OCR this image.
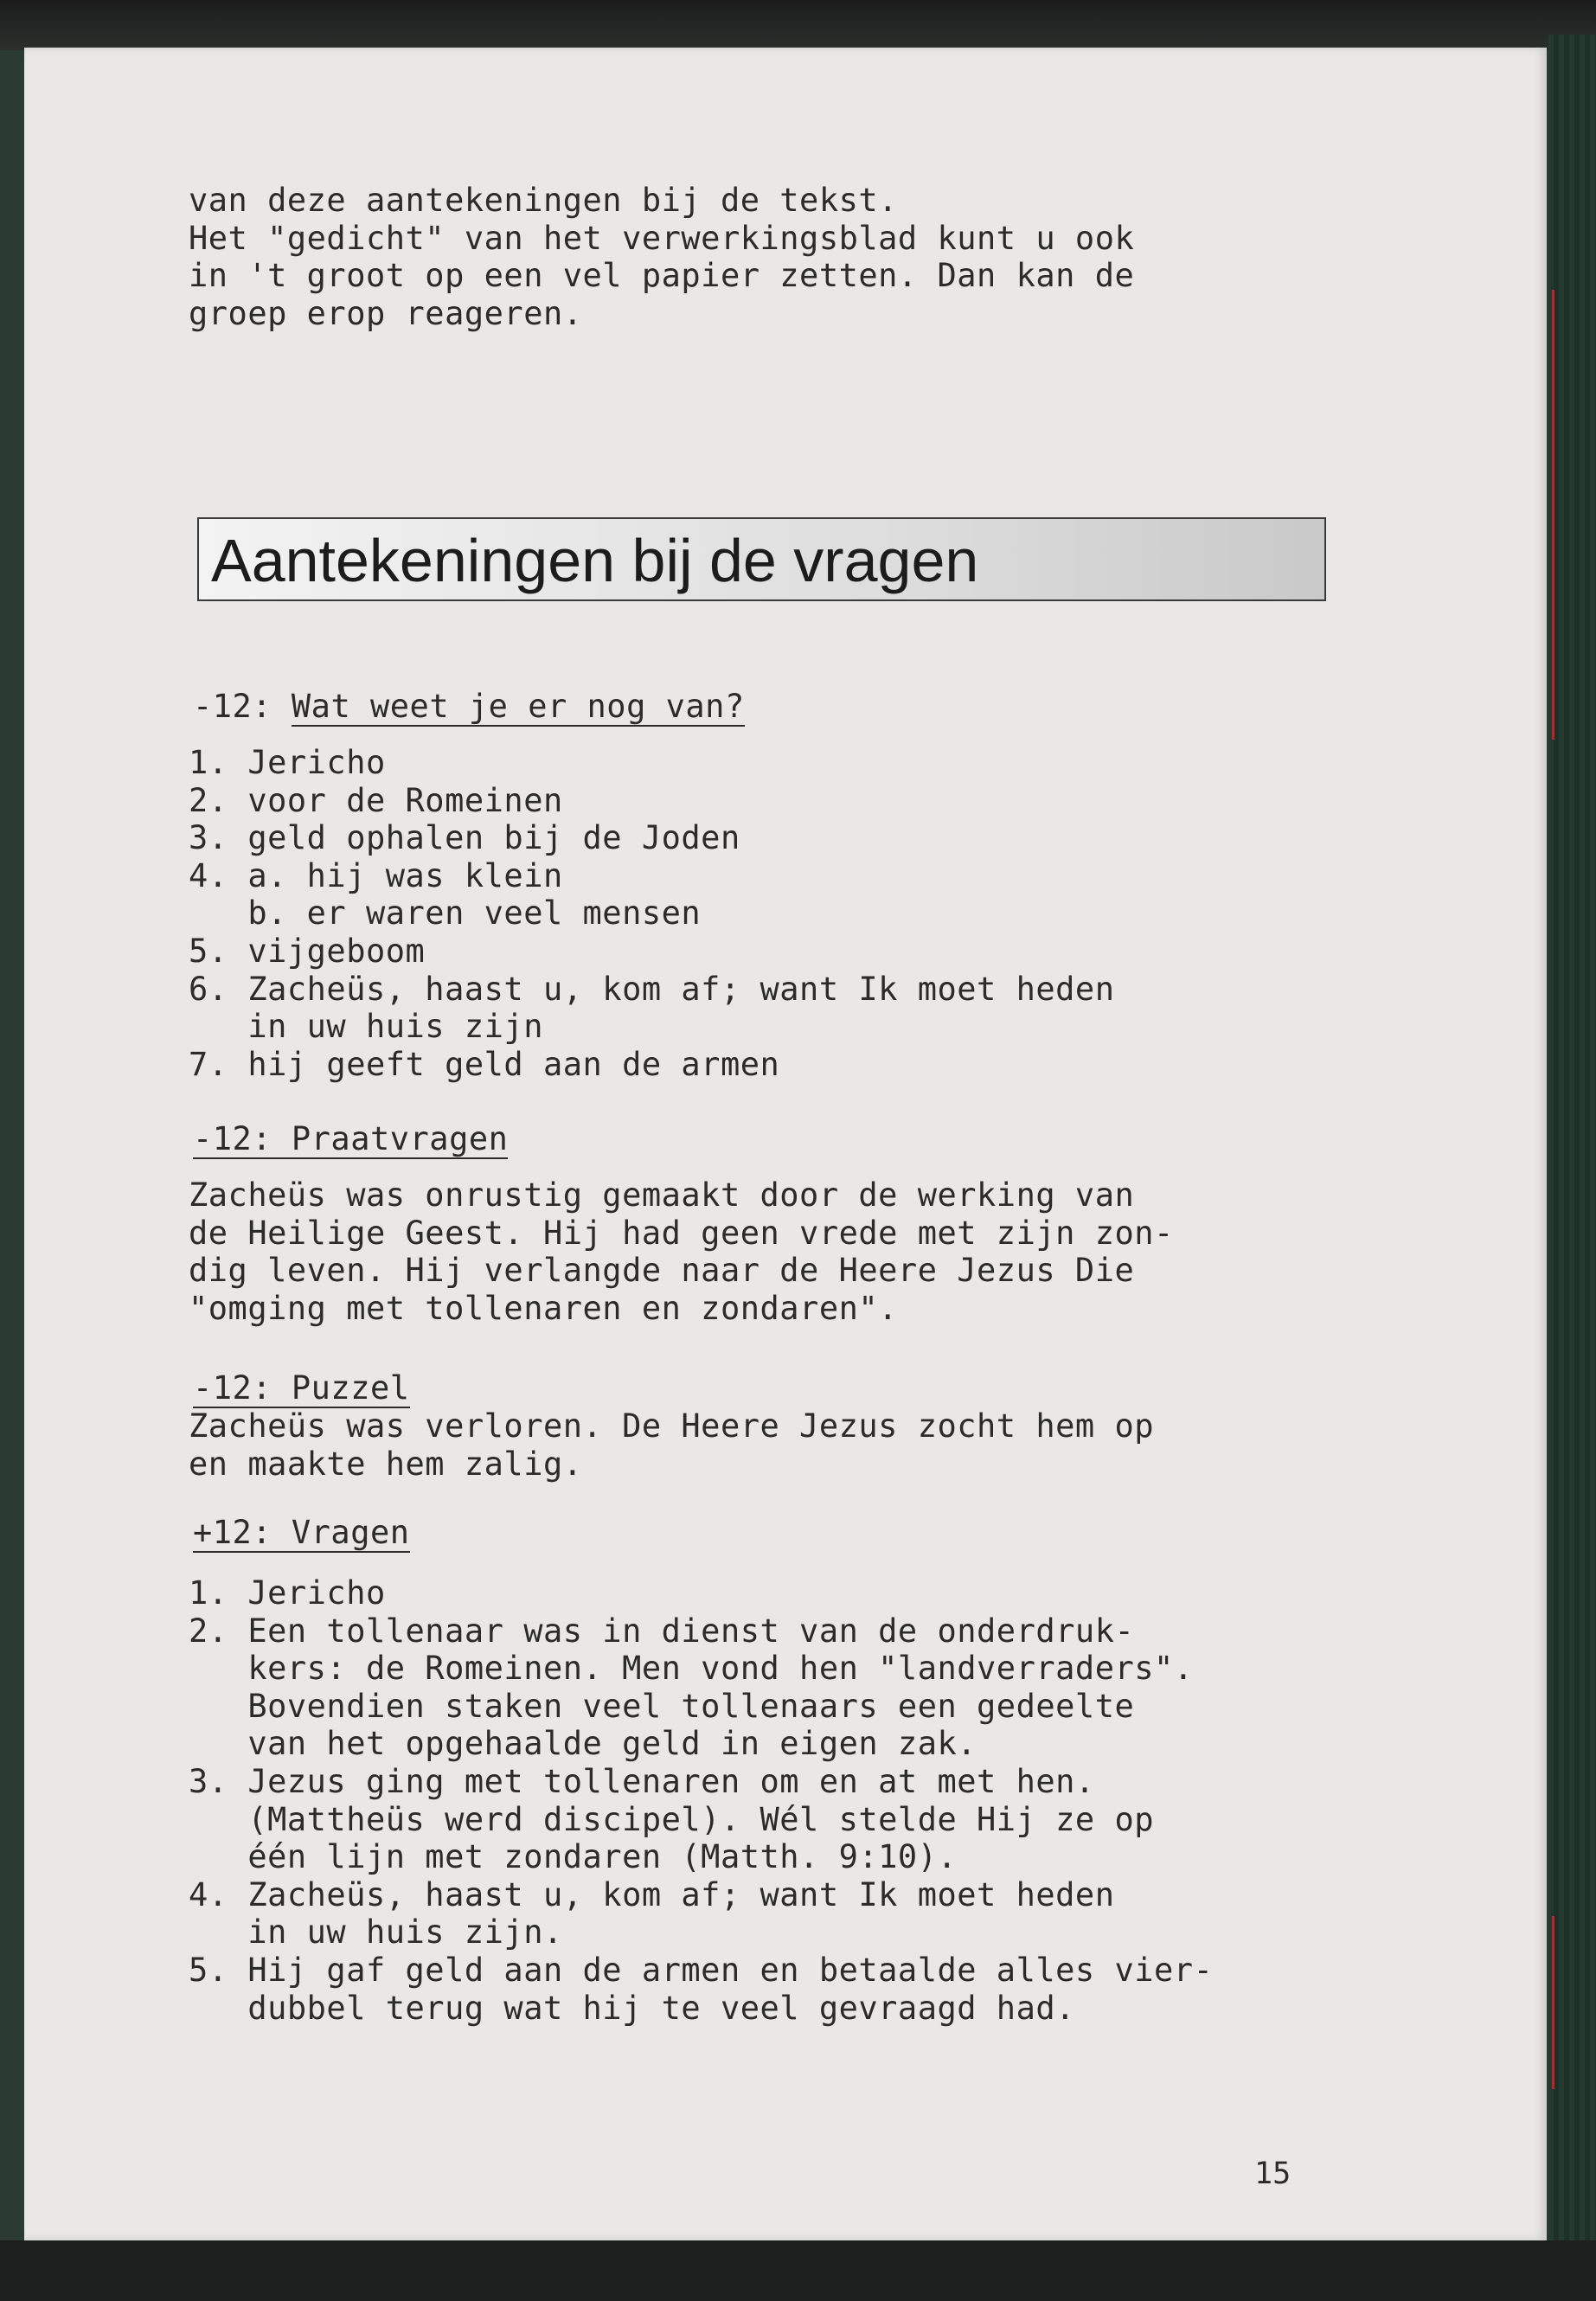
van deze aantekeningen bij de tekst.
Het "gedicht" van het verwerkingsblad kunt u ook
in 't groot op een vel papier zetten. Dan kan de
groep erop reageren.

Aantekeningen bij de vragen
-12: Wat weet je er nog van?

1. Jericho
2. voor de Romeinen
3. geld ophalen bij de Joden
4. a. hij was klein
b. er waren veel mensen
5. vijgeboom
6. Zacheüs, haast u, kom af; want Ik moet heden
in uw huis zijn
7. hij geeft geld aan de armen

-12: Praatvragen

Zacheüs was onrustig gemaakt door de werking van
de Heilige Geest. Hij had geen vrede met zijn zon-
dig leven. Hij verlangde naar de Heere Jezus Die
"omging met tollenaren en zondaren".

-12: Puzzel

Zacheüs was verloren. De Heere Jezus zocht hem op
en maakte hem zalig.

+12: Vragen

1. Jericho
2. Een tollenaar was in dienst van de onderdruk-
kers: de Romeinen. Men vond hen "landverraders".
Bovendien staken veel tollenaars een gedeelte
van het opgehaalde geld in eigen zak.
3. Jezus ging met tollenaren om en at met hen.
(Mattheüs werd discipel). Wél stelde Hij ze op
één lijn met zondaren (Matth. 9:10).
4. Zacheüs, haast u, kom af; want Ik moet heden
in uw huis zijn.
5. Hij gaf geld aan de armen en betaalde alles vier-
dubbel terug wat hij te veel gevraagd had.

15
